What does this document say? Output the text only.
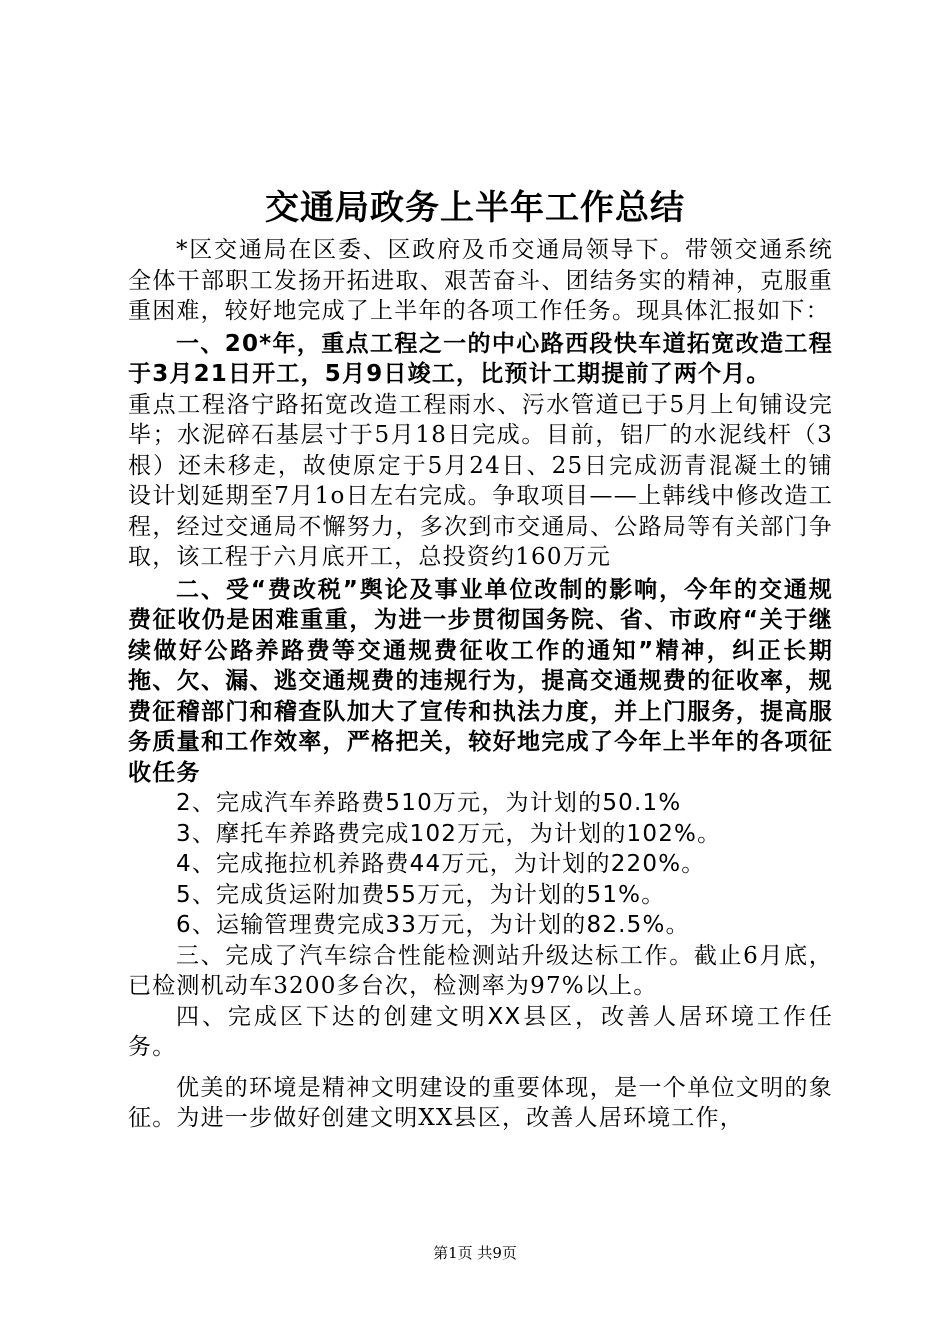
交通局政务上半年工作总结

*区交通局在区委、区政府及币交通局领导下。带领交通系统全体干部职工发扬开拓进取、艰苦奋斗、团结务实的精神，克服重重困难，较好地完成了上半年的各项工作任务。现具体汇报如下：

一、20*年，重点工程之一的中心路西段快车道拓宽改造工程于3月21日开工，5月9日竣工，比预计工期提前了两个月。

重点工程洛宁路拓宽改造工程雨水、污水管道已于5月上旬铺设完毕；水泥碎石基层寸于5月18日完成。目前，铝厂的水泥线杆（3根）还未移走，故使原定于5月24日、25日完成沥青混凝土的铺设计划延期至7月1o日左右完成。争取项目——上韩线中修改造工程，经过交通局不懈努力，多次到市交通局、公路局等有关部门争取，该工程于六月底开工，总投资约160万元

二、受“费改税”舆论及事业单位改制的影响，今年的交通规费征收仍是困难重重，为进一步贯彻国务院、省、市政府“关于继续做好公路养路费等交通规费征收工作的通知”精神，纠正长期拖、欠、漏、逃交通规费的违规行为，提高交通规费的征收率，规费征稽部门和稽查队加大了宣传和执法力度，并上门服务，提高服务质量和工作效率，严格把关，较好地完成了今年上半年的各项征收任务

2、完成汽车养路费510万元，为计划的50.1%

3、摩托车养路费完成102万元，为计划的102%。

4、完成拖拉机养路费44万元，为计划的220%。

5、完成货运附加费55万元，为计划的51%。

6、运输管理费完成33万元，为计划的82.5%。

三、完成了汽车综合性能检测站升级达标工作。截止6月底，已检测机动车3200多台次，检测率为97%以上。

四、完成区下达的创建文明XX县区，改善人居环境工作任务。

优美的环境是精神文明建设的重要体现，是一个单位文明的象征。为进一步做好创建文明XX县区，改善人居环境工作，

第1页 共9页
